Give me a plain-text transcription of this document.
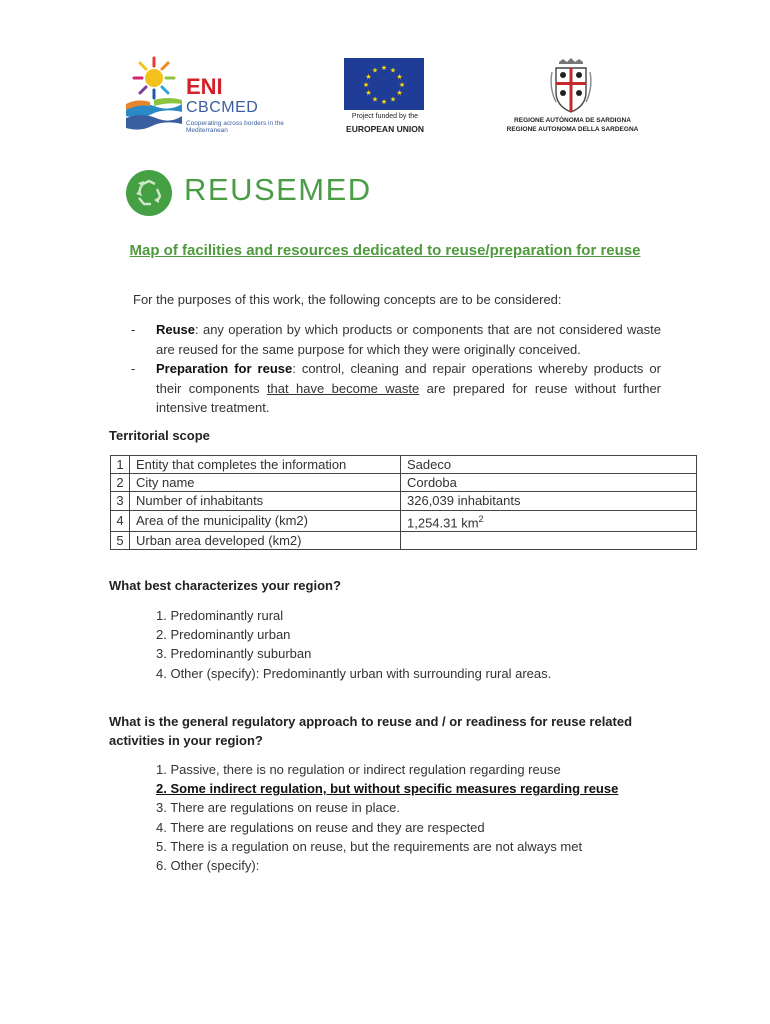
ENI
CBCMED
Cooperating across borders in the Mediterranean
★ ★
★
★
★
★
★
★
★
★
★
★
Project funded by the
EUROPEAN UNION
REGIONE AUTÒNOMA DE SARDIGNA
REGIONE AUTONOMA DELLA SARDEGNA
REUSEMED
Map of facilities and resources dedicated to reuse/preparation for reuse
For the purposes of this work, the following concepts are to be considered:
- Reuse: any operation by which products or components that are not considered waste are reused for the same purpose for which they were originally conceived.
- Preparation for reuse: control, cleaning and repair operations whereby products or their components that have become waste are prepared for reuse without further intensive treatment.
Territorial scope
1	Entity that completes the information	Sadeco
2	City name	Cordoba
3	Number of inhabitants	326,039 inhabitants
4	Area of the municipality (km2)	1,254.31 $km^2$
5	Urban area developed (km2)	
What best characterizes your region?
1. Predominantly rural
2. Predominantly urban
3. Predominantly suburban
4. Other (specify): Predominantly urban with surrounding rural areas.
What is the general regulatory approach to reuse and / or readiness for reuse related activities in your region?
1. Passive, there is no regulation or indirect regulation regarding reuse
2. Some indirect regulation, but without specific measures regarding reuse
3. There are regulations on reuse in place.
4. There are regulations on reuse and they are respected
5. There is a regulation on reuse, but the requirements are not always met
6. Other (specify):
